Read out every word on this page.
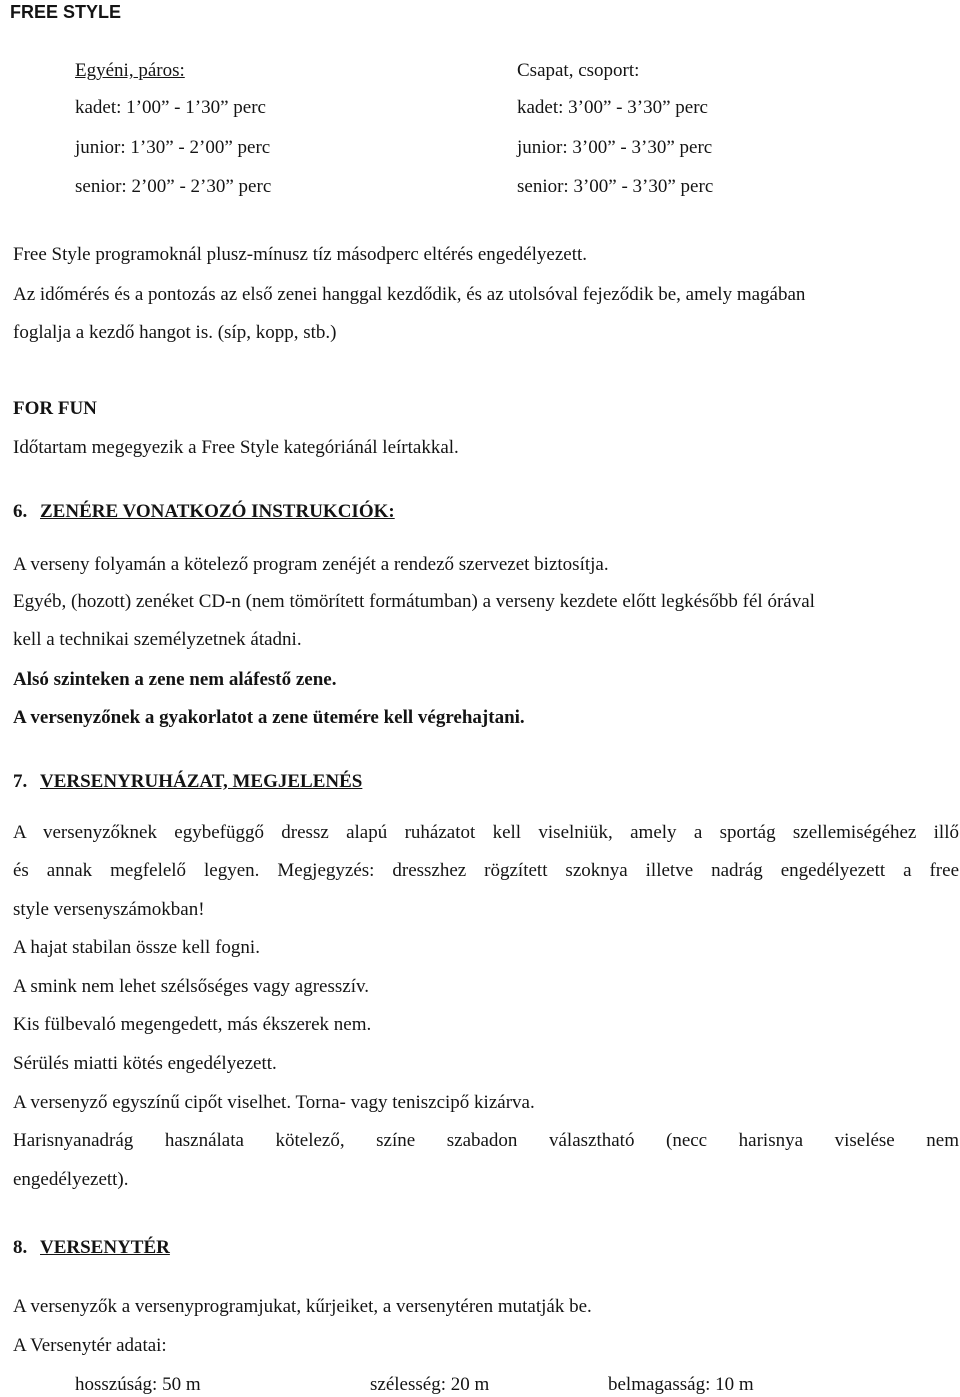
FREE STYLE
Egyéni, páros:
kadet: 1’00” - 1’30” perc
junior: 1’30” - 2’00” perc
senior: 2’00” - 2’30” perc
Csapat, csoport:
kadet: 3’00” - 3’30” perc
junior: 3’00” - 3’30” perc
senior: 3’00” - 3’30” perc
Free Style programoknál plusz-mínusz tíz másodperc eltérés engedélyezett.
Az időmérés és a pontozás az első zenei hanggal kezdődik, és az utolsóval fejeződik be, amely magában
foglalja a kezdő hangot is. (síp, kopp, stb.)
FOR FUN
Időtartam megegyezik a Free Style kategóriánál leírtakkal.
6. ZENÉRE VONATKOZÓ INSTRUKCIÓK:
A verseny folyamán a kötelező program zenéjét a rendező szervezet biztosítja.
Egyéb, (hozott) zenéket CD-n (nem tömörített formátumban) a verseny kezdete előtt legkésőbb fél órával
kell a technikai személyzetnek átadni.
Alsó szinteken a zene nem aláfestő zene.
A versenyzőnek a gyakorlatot a zene ütemére kell végrehajtani.
7. VERSENYRUHÁZAT, MEGJELENÉS
A versenyzőknek egybefüggő dressz alapú ruházatot kell viselniük, amely a sportág szellemiségéhez illő
és annak megfelelő legyen. Megjegyzés: dresszhez rögzített szoknya illetve nadrág engedélyezett a free
style versenyszámokban!
A hajat stabilan össze kell fogni.
A smink nem lehet szélsőséges vagy agresszív.
Kis fülbevaló megengedett, más ékszerek nem.
Sérülés miatti kötés engedélyezett.
A versenyző egyszínű cipőt viselhet. Torna- vagy teniszcipő kizárva.
Harisnyanadrág használata kötelező, színe szabadon választható (necc harisnya viselése nem
engedélyezett).
8. VERSENYTÉR
A versenyzők a versenyprogramjukat, kűrjeiket, a versenytéren mutatják be.
A Versenytér adatai:
hosszúság: 50 m	szélesség: 20 m	belmagasság: 10 m
